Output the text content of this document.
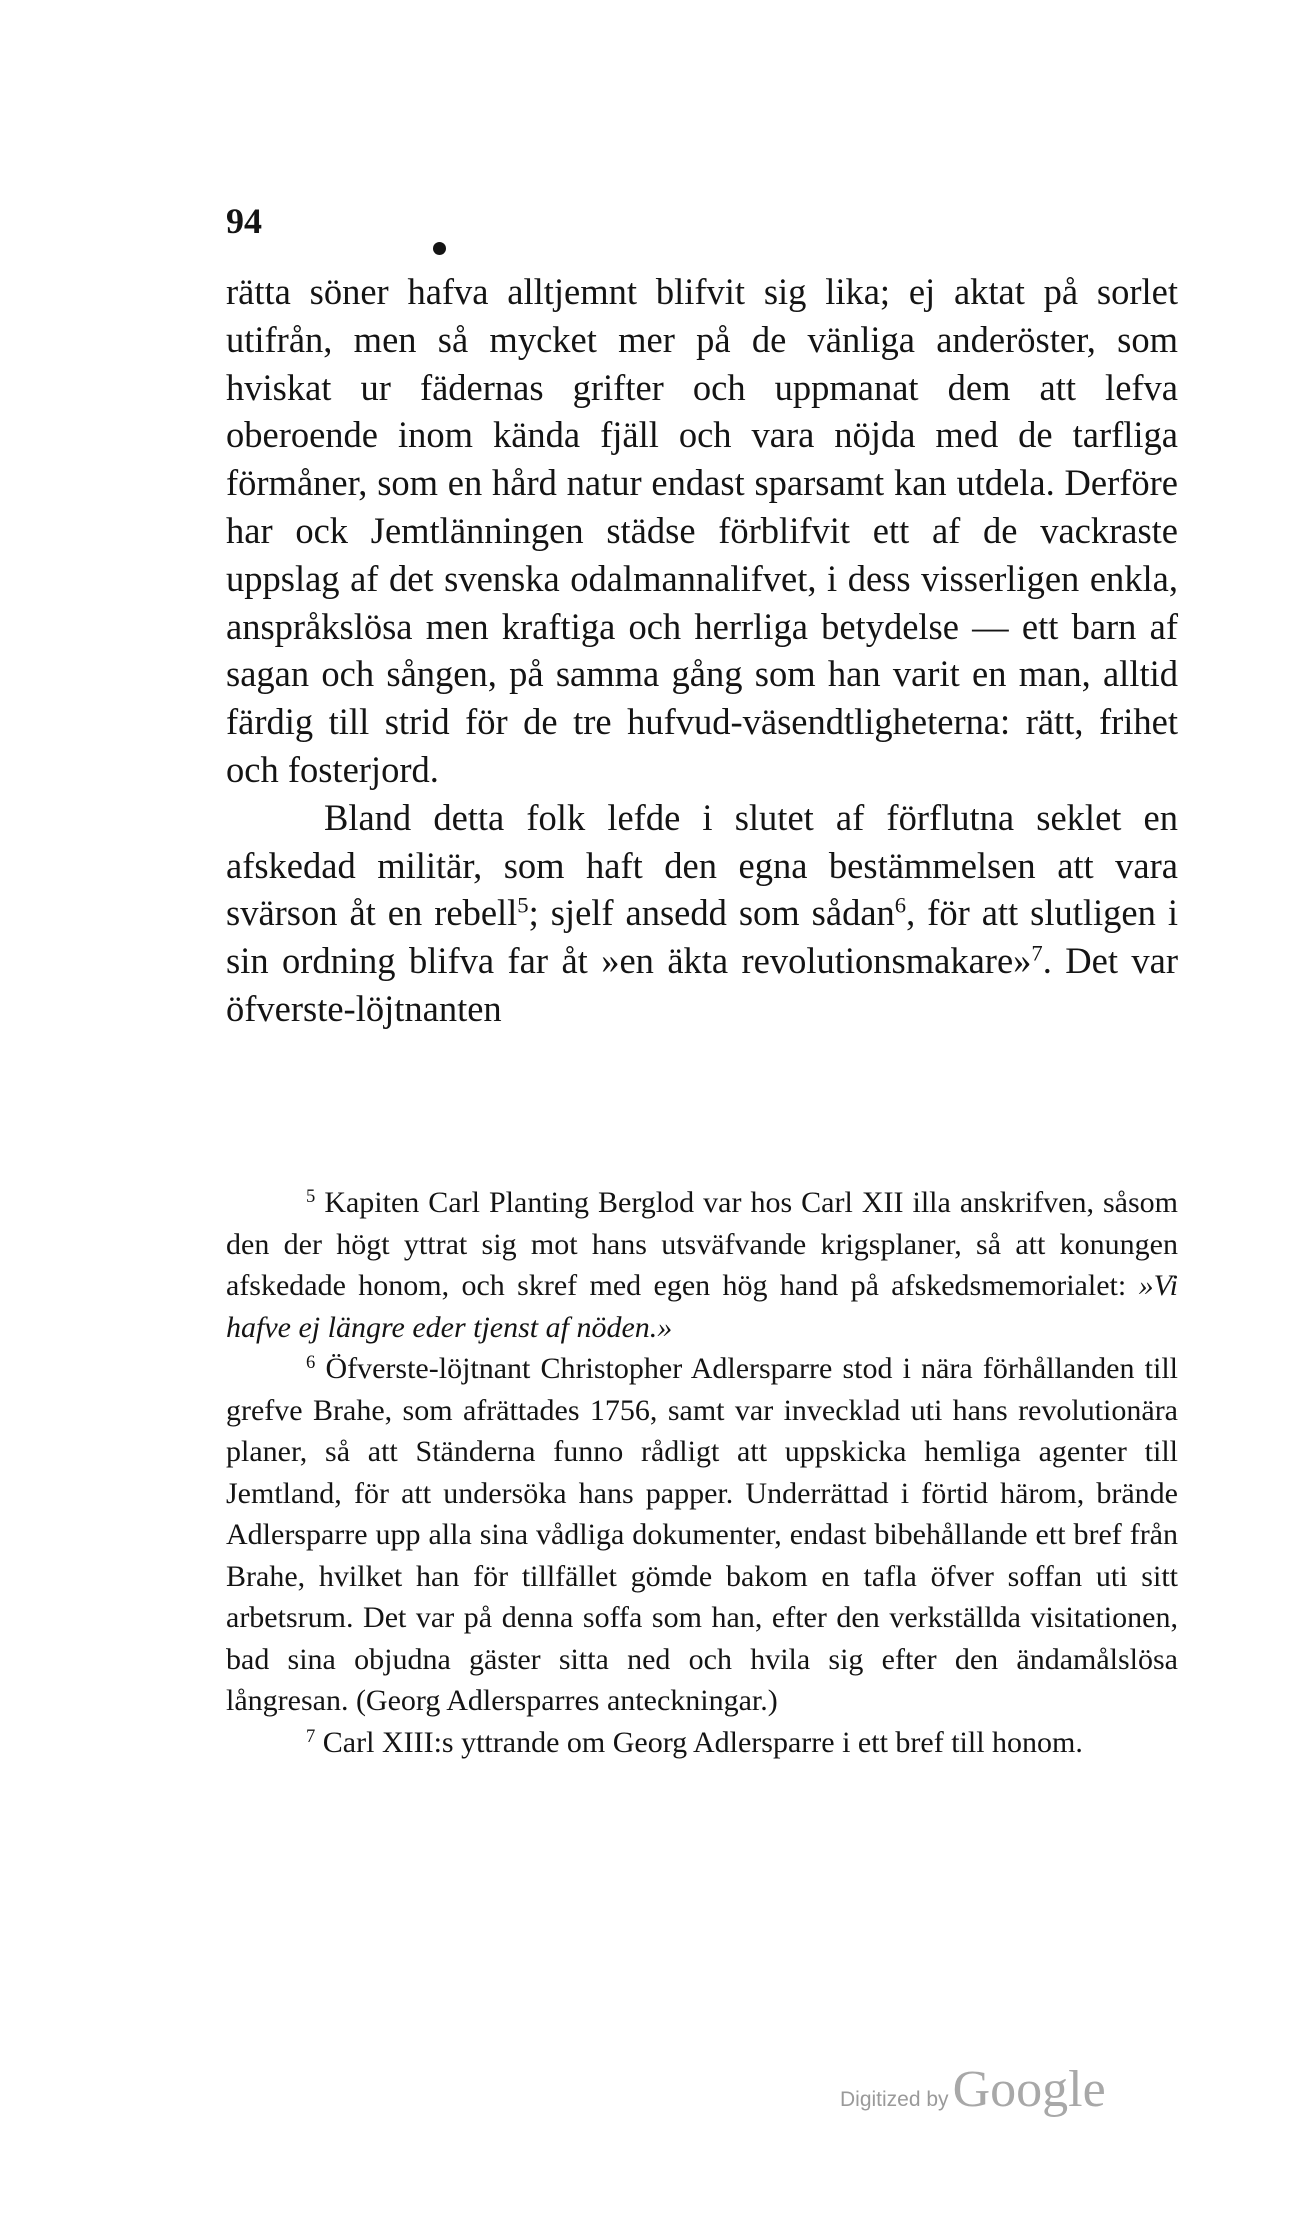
94

rätta söner hafva alltjemnt blifvit sig lika; ej aktat på sorlet utifrån, men så mycket mer på de vänliga anderöster, som hviskat ur fädernas grifter och uppmanat dem att lefva oberoende inom kända fjäll och vara nöjda med de tarfliga förmåner, som en hård natur endast sparsamt kan utdela. Derföre har ock Jemtlänningen städse förblifvit ett af de vackraste uppslag af det svenska odalmannalifvet, i dess visserligen enkla, anspråkslösa men kraftiga och herrliga betydelse — ett barn af sagan och sången, på samma gång som han varit en man, alltid färdig till strid för de tre hufvud-väsendtligheterna: rätt, frihet och fosterjord.

Bland detta folk lefde i slutet af förflutna seklet en afskedad militär, som haft den egna bestämmelsen att vara svärson åt en rebell$^5$; sjelf ansedd som sådan$^6$, för att slutligen i sin ordning blifva far åt »en äkta revolutionsmakare»$^7$. Det var öfverste-löjtnanten

$^5$ Kapiten Carl Planting Berglod var hos Carl XII illa anskrifven, såsom den der högt yttrat sig mot hans utsväfvande krigsplaner, så att konungen afskedade honom, och skref med egen hög hand på afskedsmemorialet: »Vi hafve ej längre eder tjenst af nöden.»

$^6$ Öfverste-löjtnant Christopher Adlersparre stod i nära förhållanden till grefve Brahe, som afrättades 1756, samt var invecklad uti hans revolutionära planer, så att Ständerna funno rådligt att uppskicka hemliga agenter till Jemtland, för att undersöka hans papper. Underrättad i förtid härom, brände Adlersparre upp alla sina vådliga dokumenter, endast bibehållande ett bref från Brahe, hvilket han för tillfället gömde bakom en tafla öfver soffan uti sitt arbetsrum. Det var på denna soffa som han, efter den verkställda visitationen, bad sina objudna gäster sitta ned och hvila sig efter den ändamålslösa långresan. (Georg Adlersparres anteckningar.)

$^7$ Carl XIII:s yttrande om Georg Adlersparre i ett bref till honom.

Digitized by Google
